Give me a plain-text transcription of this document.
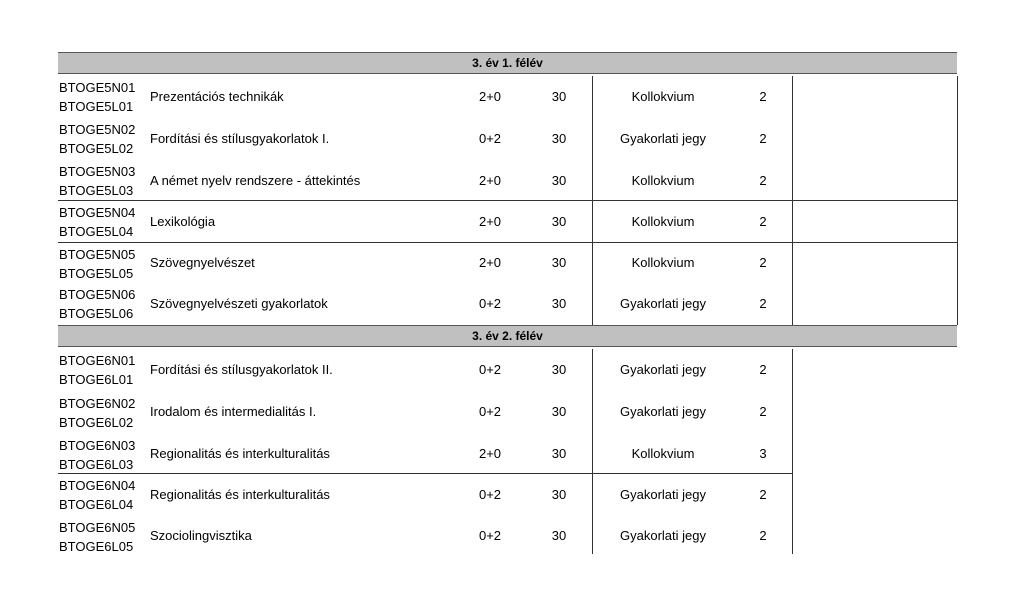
3. év 1. félév
BTOGE5N01
BTOGE5L01
Prezentációs technikák	2+0	30	Kollokvium	2
BTOGE5N02
BTOGE5L02
Fordítási és stílusgyakorlatok I.	0+2	30	Gyakorlati jegy	2
BTOGE5N03
BTOGE5L03
A német nyelv rendszere - áttekintés	2+0	30	Kollokvium	2
BTOGE5N04
BTOGE5L04
Lexikológia	2+0	30	Kollokvium	2
BTOGE5N05
BTOGE5L05
Szövegnyelvészet	2+0	30	Kollokvium	2
BTOGE5N06
BTOGE5L06
Szövegnyelvészeti gyakorlatok	0+2	30	Gyakorlati jegy	2
3. év 2. félév
BTOGE6N01
BTOGE6L01
Fordítási és stílusgyakorlatok II.	0+2	30	Gyakorlati jegy	2
BTOGE6N02
BTOGE6L02
Irodalom és intermedialitás I.	0+2	30	Gyakorlati jegy	2
BTOGE6N03
BTOGE6L03
Regionalitás és interkulturalitás	2+0	30	Kollokvium	3
BTOGE6N04
BTOGE6L04
Regionalitás és interkulturalitás	0+2	30	Gyakorlati jegy	2
BTOGE6N05
BTOGE6L05
Szociolingvisztika	0+2	30	Gyakorlati jegy	2
